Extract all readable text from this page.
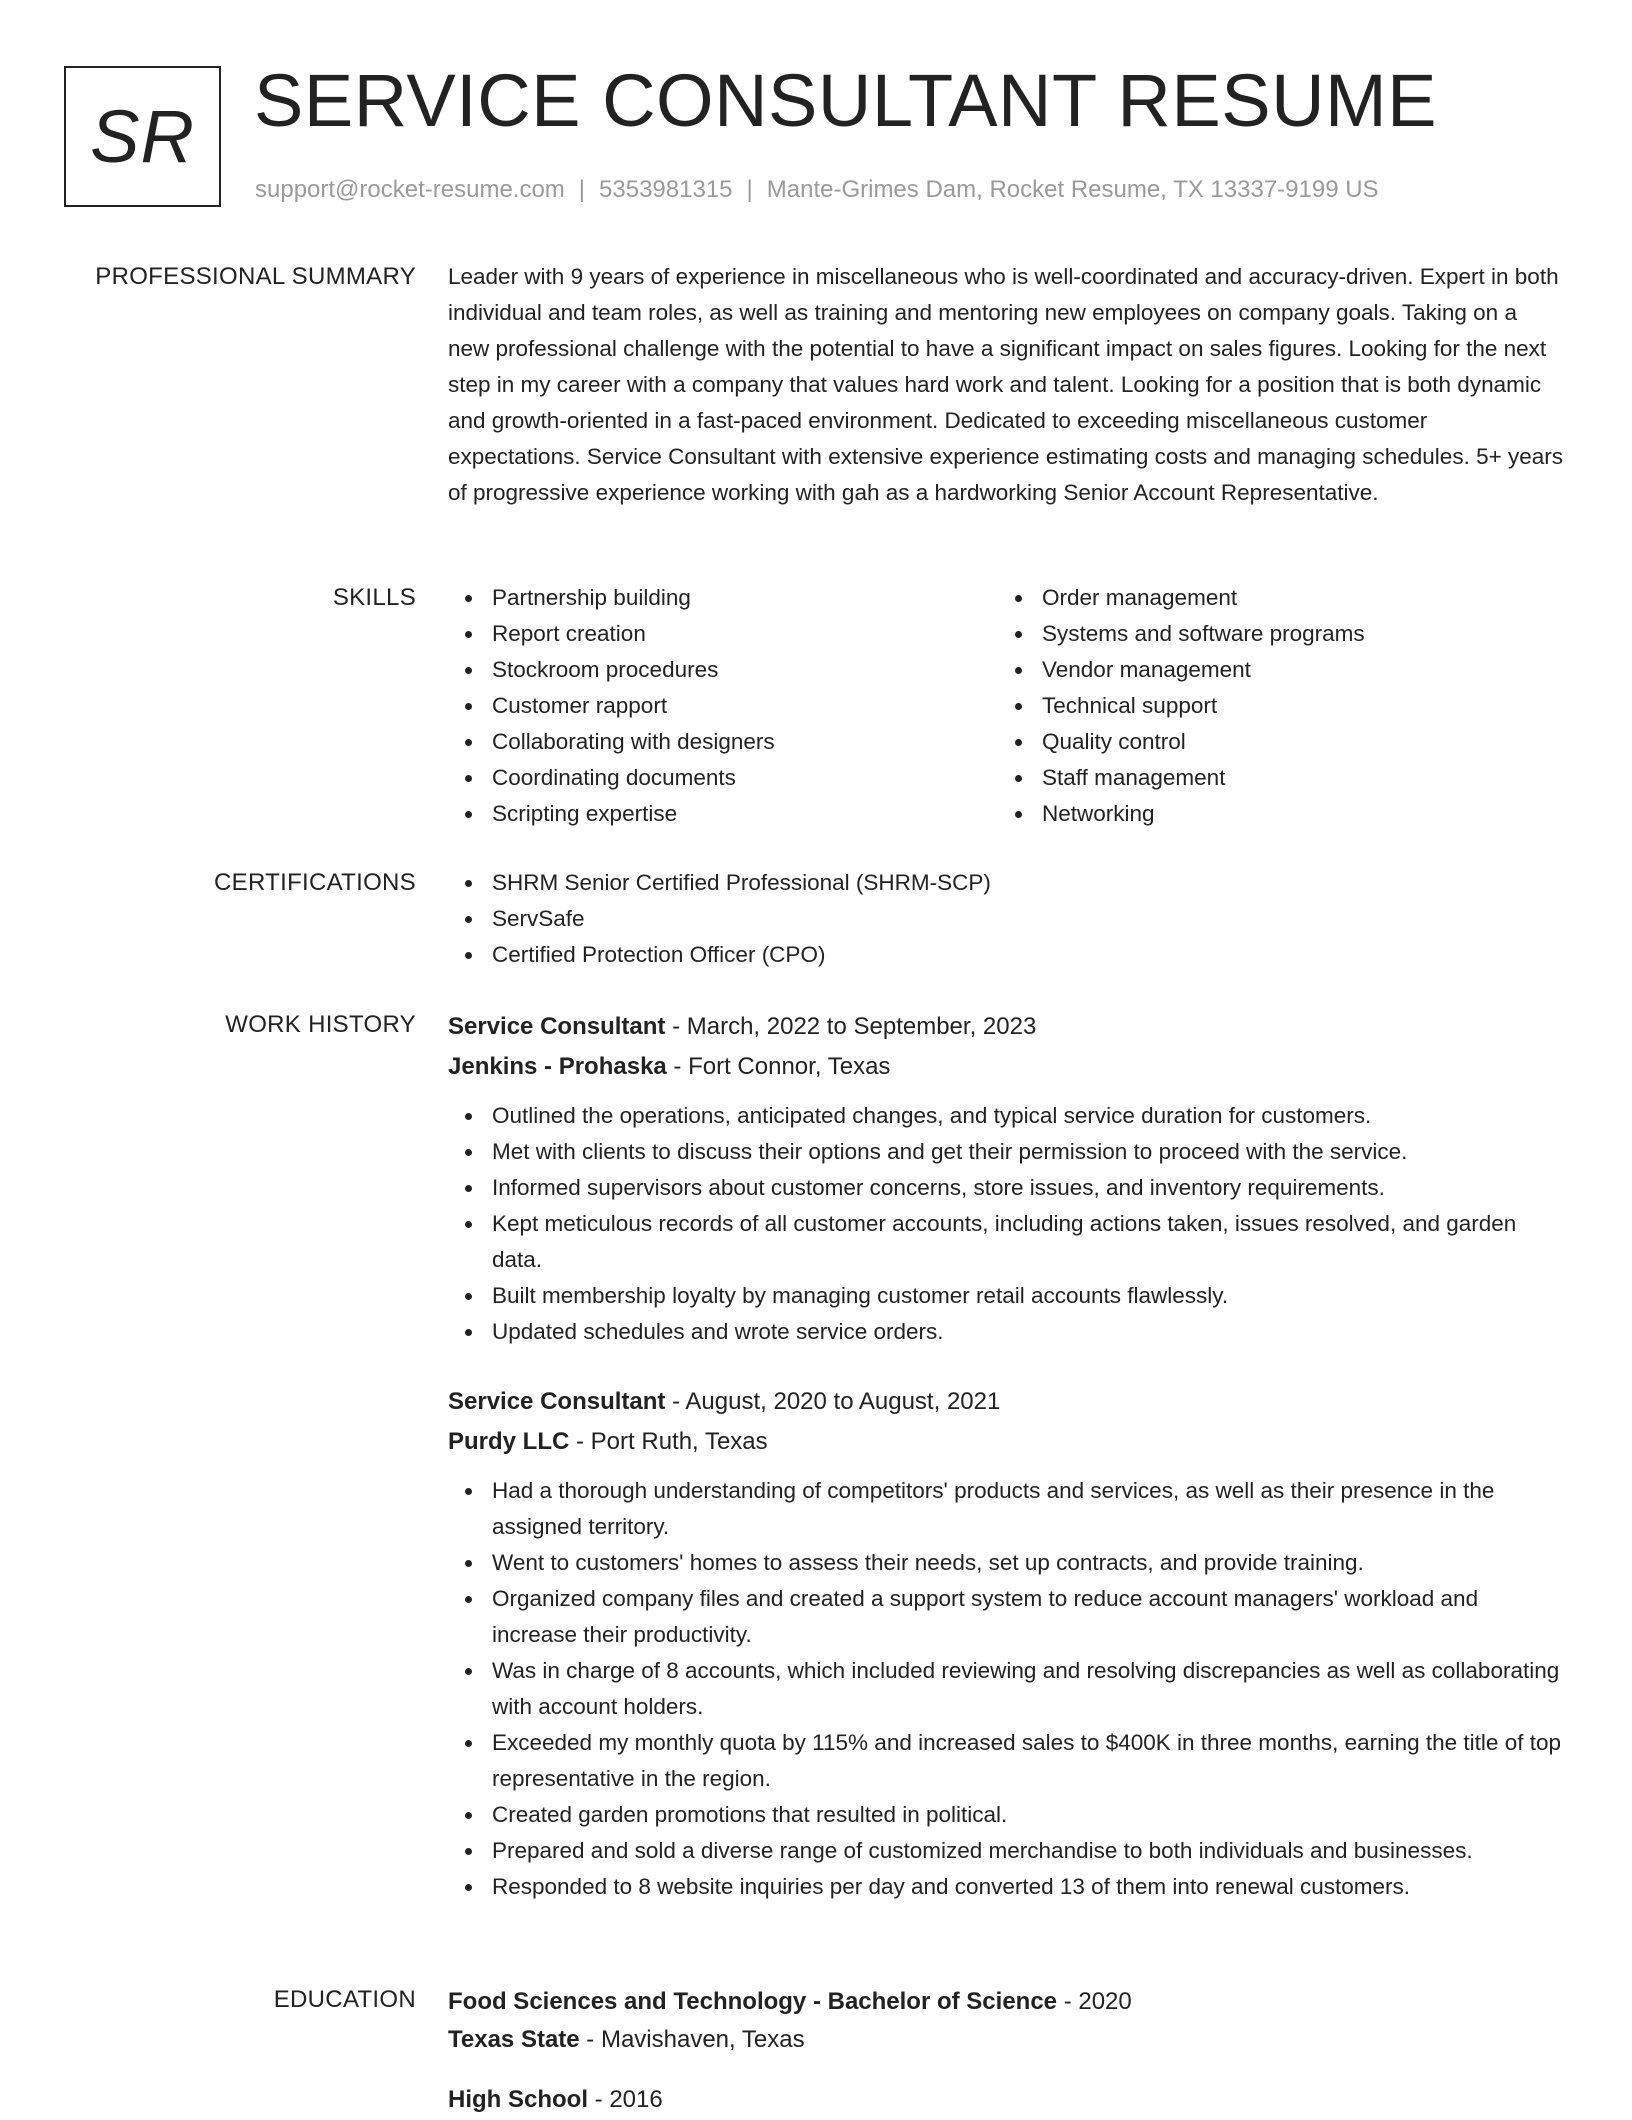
SR SERVICE CONSULTANT RESUME
support@rocket-resume.com | 5353981315 | Mante-Grimes Dam, Rocket Resume, TX 13337-9199 US
PROFESSIONAL SUMMARY Leader with 9 years of experience in miscellaneous who is well-coordinated and accuracy-driven. Expert in both individual and team roles, as well as training and mentoring new employees on company goals. Taking on a new professional challenge with the potential to have a significant impact on sales figures. Looking for the next step in my career with a company that values hard work and talent. Looking for a position that is both dynamic and growth-oriented in a fast-paced environment. Dedicated to exceeding miscellaneous customer expectations. Service Consultant with extensive experience estimating costs and managing schedules. 5+ years of progressive experience working with gah as a hardworking Senior Account Representative.

SKILLS	Partnership building
Report creation
Stockroom procedures
Customer rapport
Collaborating with designers
Coordinating documents
Scripting expertise
Order management
Systems and software programs
Vendor management
Technical support
Quality control
Staff management
Networking
CERTIFICATIONS	SHRM Senior Certified Professional (SHRM-SCP)
ServSafe
Certified Protection Officer (CPO)
WORK HISTORY Service Consultant - March, 2022 to September, 2023
Jenkins - Prohaska - Fort Connor, Texas
Outlined the operations, anticipated changes, and typical service duration for customers.
Met with clients to discuss their options and get their permission to proceed with the service.
Informed supervisors about customer concerns, store issues, and inventory requirements.
Kept meticulous records of all customer accounts, including actions taken, issues resolved, and garden data.
Built membership loyalty by managing customer retail accounts flawlessly.
Updated schedules and wrote service orders.
Service Consultant - August, 2020 to August, 2021
Purdy LLC - Port Ruth, Texas
Had a thorough understanding of competitors' products and services, as well as their presence in the assigned territory.
Went to customers' homes to assess their needs, set up contracts, and provide training.
Organized company files and created a support system to reduce account managers' workload and increase their productivity.
Was in charge of 8 accounts, which included reviewing and resolving discrepancies as well as collaborating with account holders.
Exceeded my monthly quota by 115% and increased sales to $400K in three months, earning the title of top representative in the region.
Created garden promotions that resulted in political.
Prepared and sold a diverse range of customized merchandise to both individuals and businesses.
Responded to 8 website inquiries per day and converted 13 of them into renewal customers.
EDUCATION Food Sciences and Technology - Bachelor of Science - 2020
Texas State - Mavishaven, Texas
High School - 2016
